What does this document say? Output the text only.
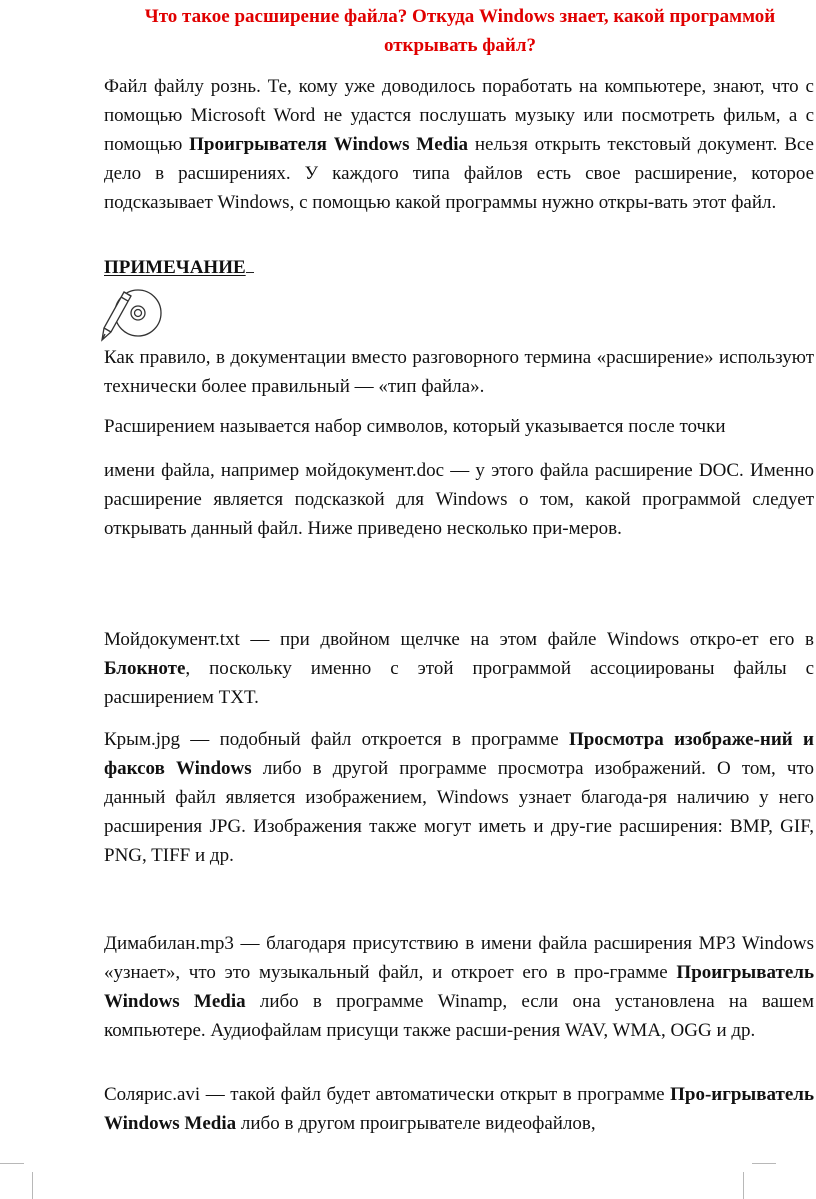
Что такое расширение файла? Откуда Windows знает, какой программой открывать файл?

Файл файлу рознь. Те, кому уже доводилось поработать на компьютере, знают, что с помощью Microsoft Word не удастся послушать музыку или посмотреть фильм, а с помощью Проигрывателя Windows Media нельзя открыть текстовый документ. Все дело в расширениях. У каждого типа файлов есть свое расширение, которое подсказывает Windows, с помощью какой программы нужно откры-вать этот файл.

ПРИМЕЧАНИЕ

Как правило, в документации вместо разговорного термина «расширение» используют технически более правильный — «тип файла».

Расширением называется набор символов, который указывается после точки

имени файла, например мойдокумент.doc — у этого файла расширение DOC. Именно расширение является подсказкой для Windows о том, какой программой следует открывать данный файл. Ниже приведено несколько при-меров.

Мойдокумент.txt — при двойном щелчке на этом файле Windows откро-ет его в Блокноте, поскольку именно с этой программой ассоциированы файлы с расширением TXT.

Крым.jpg — подобный файл откроется в программе Просмотра изображе-ний и факсов Windows либо в другой программе просмотра изображений. О том, что данный файл является изображением, Windows узнает благода-ря наличию у него расширения JPG. Изображения также могут иметь и дру-гие расширения: BMP, GIF, PNG, TIFF и др.

Димабилан.mp3 — благодаря присутствию в имени файла расширения MP3 Windows «узнает», что это музыкальный файл, и откроет его в про-грамме Проигрыватель Windows Media либо в программе Winamp, если она установлена на вашем компьютере. Аудиофайлам присущи также расши-рения WAV, WMA, OGG и др.

Солярис.avi — такой файл будет автоматически открыт в программе Про-игрыватель Windows Media либо в другом проигрывателе видеофайлов,
